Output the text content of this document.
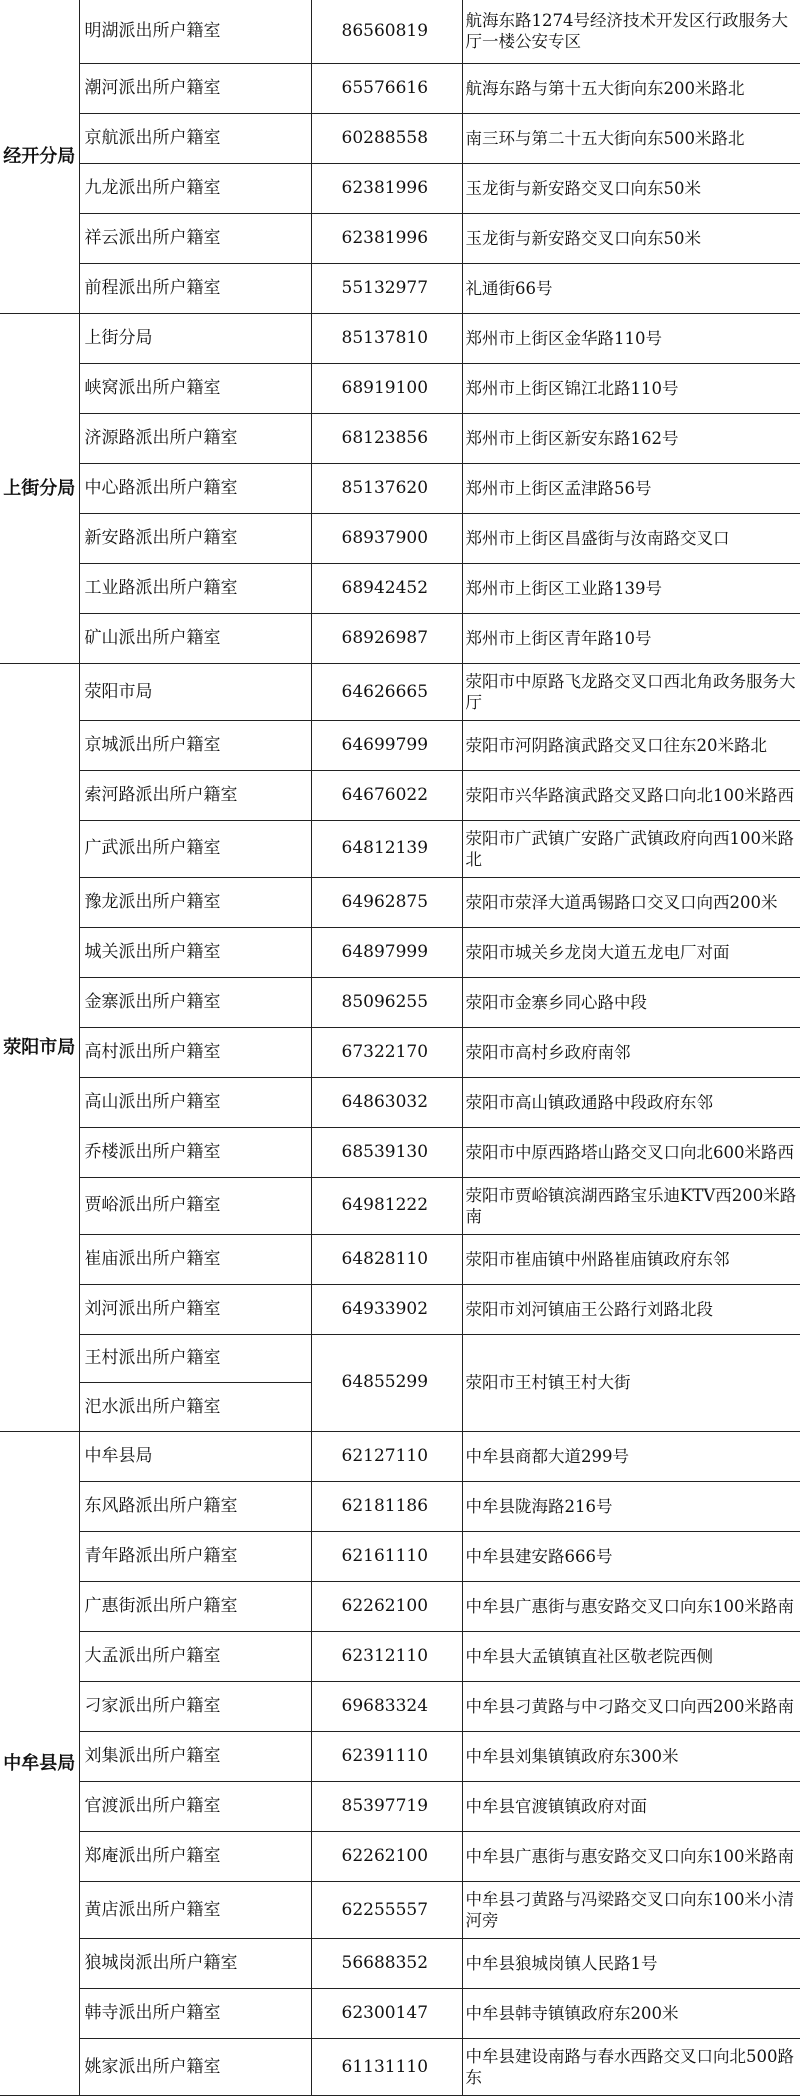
经开分局	明湖派出所户籍室	86560819	航海东路1274号经济技术开发区行政服务大厅一楼公安专区
	潮河派出所户籍室	65576616	航海东路与第十五大街向东200米路北
	京航派出所户籍室	60288558	南三环与第二十五大街向东500米路北
	九龙派出所户籍室	62381996	玉龙街与新安路交叉口向东50米
	祥云派出所户籍室	62381996	玉龙街与新安路交叉口向东50米
	前程派出所户籍室	55132977	礼通街66号
上街分局	上街分局	85137810	郑州市上街区金华路110号
	峡窝派出所户籍室	68919100	郑州市上街区锦江北路110号
	济源路派出所户籍室	68123856	郑州市上街区新安东路162号
	中心路派出所户籍室	85137620	郑州市上街区孟津路56号
	新安路派出所户籍室	68937900	郑州市上街区昌盛街与汝南路交叉口
	工业路派出所户籍室	68942452	郑州市上街区工业路139号
	矿山派出所户籍室	68926987	郑州市上街区青年路10号
荥阳市局	荥阳市局	64626665	荥阳市中原路飞龙路交叉口西北角政务服务大厅
	京城派出所户籍室	64699799	荥阳市河阴路演武路交叉口往东20米路北
	索河路派出所户籍室	64676022	荥阳市兴华路演武路交叉路口向北100米路西
	广武派出所户籍室	64812139	荥阳市广武镇广安路广武镇政府向西100米路北
	豫龙派出所户籍室	64962875	荥阳市荥泽大道禹锡路口交叉口向西200米
	城关派出所户籍室	64897999	荥阳市城关乡龙岗大道五龙电厂对面
	金寨派出所户籍室	85096255	荥阳市金寨乡同心路中段
	高村派出所户籍室	67322170	荥阳市高村乡政府南邻
	高山派出所户籍室	64863032	荥阳市高山镇政通路中段政府东邻
	乔楼派出所户籍室	68539130	荥阳市中原西路塔山路交叉口向北600米路西
	贾峪派出所户籍室	64981222	荥阳市贾峪镇滨湖西路宝乐迪KTV西200米路南
	崔庙派出所户籍室	64828110	荥阳市崔庙镇中州路崔庙镇政府东邻
	刘河派出所户籍室	64933902	荥阳市刘河镇庙王公路行刘路北段
	王村派出所户籍室	64855299	荥阳市王村镇王村大街
	汜水派出所户籍室		
中牟县局	中牟县局	62127110	中牟县商都大道299号
	东风路派出所户籍室	62181186	中牟县陇海路216号
	青年路派出所户籍室	62161110	中牟县建安路666号
	广惠街派出所户籍室	62262100	中牟县广惠街与惠安路交叉口向东100米路南
	大孟派出所户籍室	62312110	中牟县大孟镇镇直社区敬老院西侧
	刁家派出所户籍室	69683324	中牟县刁黄路与中刁路交叉口向西200米路南
	刘集派出所户籍室	62391110	中牟县刘集镇镇政府东300米
	官渡派出所户籍室	85397719	中牟县官渡镇镇政府对面
	郑庵派出所户籍室	62262100	中牟县广惠街与惠安路交叉口向东100米路南
	黄店派出所户籍室	62255557	中牟县刁黄路与冯梁路交叉口向东100米小清河旁
	狼城岗派出所户籍室	56688352	中牟县狼城岗镇人民路1号
	韩寺派出所户籍室	62300147	中牟县韩寺镇镇政府东200米
	姚家派出所户籍室	61131110	中牟县建设南路与春水西路交叉口向北500路东
